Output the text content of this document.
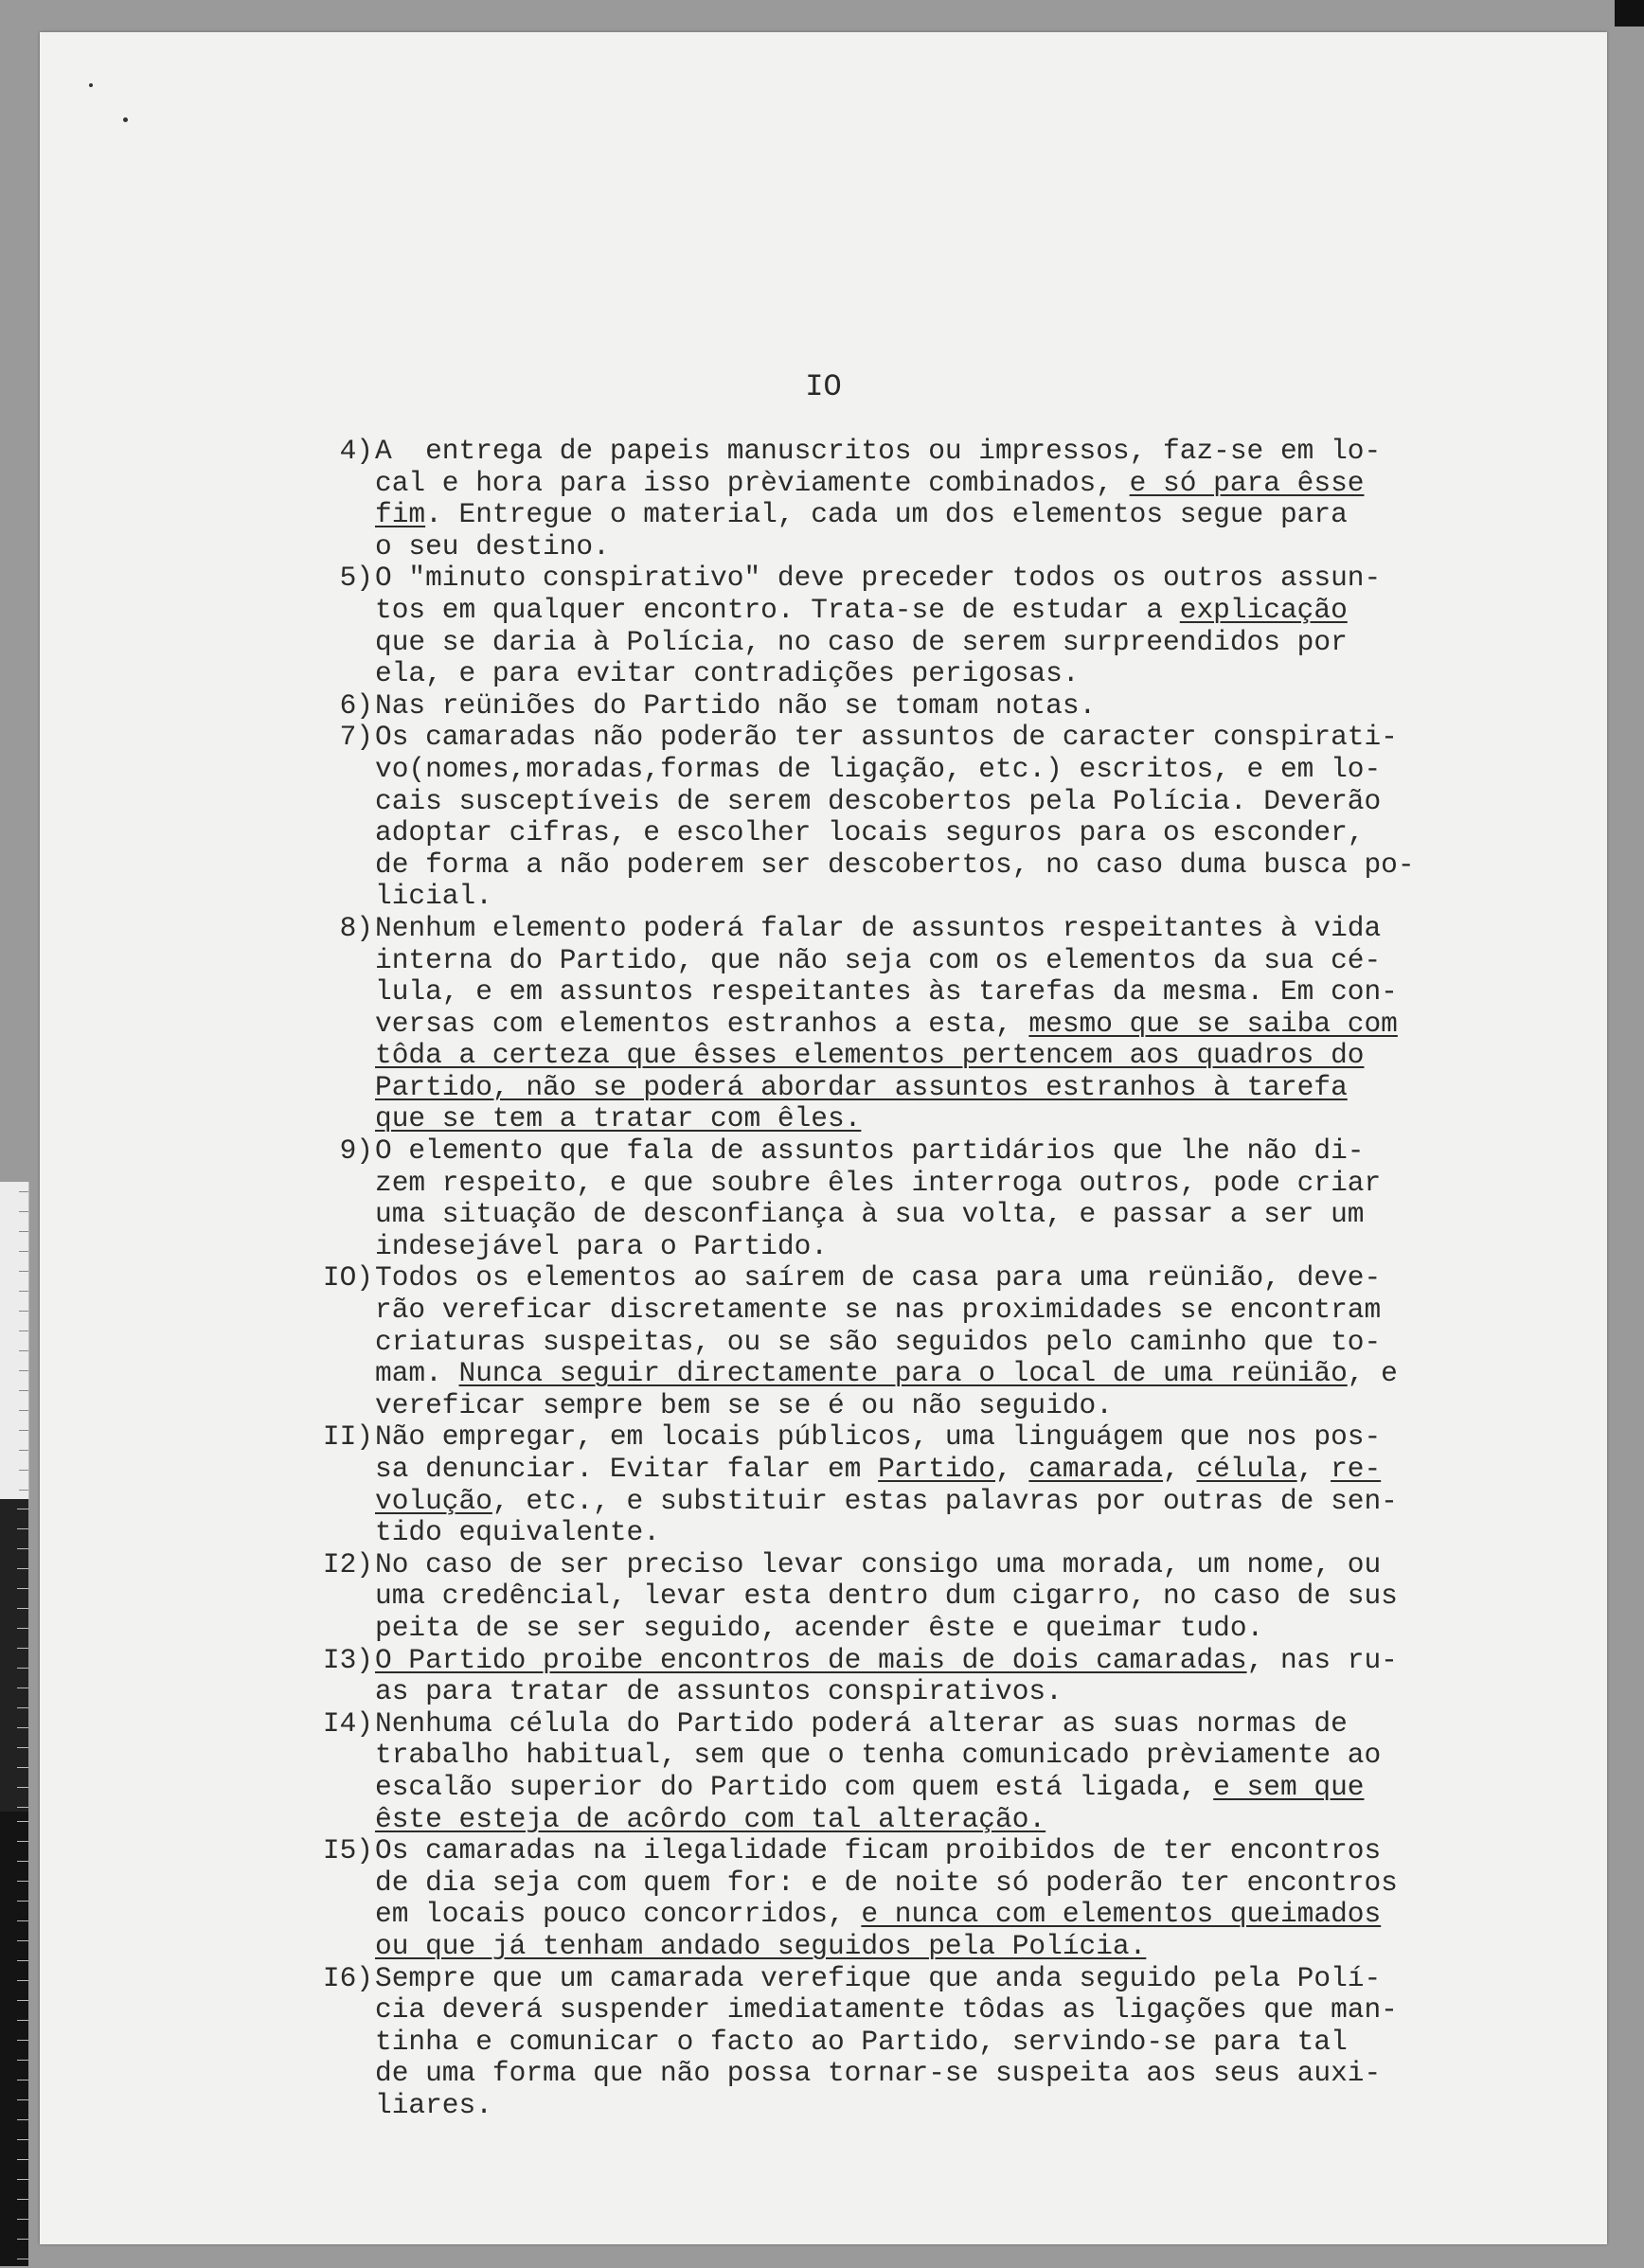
IO
4 ) A  entrega de papeis manuscritos ou impressos, faz-se em lo-
cal e hora para isso prèviamente combinados, e só para êsse
fim. Entregue o material, cada um dos elementos segue para
o seu destino.
5 ) O "minuto conspirativo" deve preceder todos os outros assun-
tos em qualquer encontro. Trata-se de estudar a explicação
que se daria à Polícia, no caso de serem surpreendidos por
ela, e para evitar contradições perigosas.
6 ) Nas reüniões do Partido não se tomam notas.
7 ) Os camaradas não poderão ter assuntos de caracter conspirati-
vo(nomes,moradas,formas de ligação, etc.) escritos, e em lo-
cais susceptíveis de serem descobertos pela Polícia. Deverão
adoptar cifras, e escolher locais seguros para os esconder,
de forma a não poderem ser descobertos, no caso duma busca po-
licial.
8 ) Nenhum elemento poderá falar de assuntos respeitantes à vida
interna do Partido, que não seja com os elementos da sua cé-
lula, e em assuntos respeitantes às tarefas da mesma. Em con-
versas com elementos estranhos a esta, mesmo que se saiba com
tôda a certeza que êsses elementos pertencem aos quadros do
Partido, não se poderá abordar assuntos estranhos à tarefa
que se tem a tratar com êles.
9 ) O elemento que fala de assuntos partidários que lhe não di-
zem respeito, e que soubre êles interroga outros, pode criar
uma situação de desconfiança à sua volta, e passar a ser um
indesejável para o Partido.
IO ) Todos os elementos ao saírem de casa para uma reünião, deve-
rão vereficar discretamente se nas proximidades se encontram
criaturas suspeitas, ou se são seguidos pelo caminho que to-
mam. Nunca seguir directamente para o local de uma reünião, e
vereficar sempre bem se se é ou não seguido.
II ) Não empregar, em locais públicos, uma linguágem que nos pos-
sa denunciar. Evitar falar em Partido, camarada, célula, re-
volução, etc., e substituir estas palavras por outras de sen-
tido equivalente.
I2 ) No caso de ser preciso levar consigo uma morada, um nome, ou
uma credêncial, levar esta dentro dum cigarro, no caso de sus
peita de se ser seguido, acender êste e queimar tudo.
I3 ) O Partido proibe encontros de mais de dois camaradas, nas ru-
as para tratar de assuntos conspirativos.
I4 ) Nenhuma célula do Partido poderá alterar as suas normas de
trabalho habitual, sem que o tenha comunicado prèviamente ao
escalão superior do Partido com quem está ligada, e sem que
êste esteja de acôrdo com tal alteração.
I5 ) Os camaradas na ilegalidade ficam proibidos de ter encontros
de dia seja com quem for: e de noite só poderão ter encontros
em locais pouco concorridos, e nunca com elementos queimados
ou que já tenham andado seguidos pela Polícia.
I6 ) Sempre que um camarada verefique que anda seguido pela Polí-
cia deverá suspender imediatamente tôdas as ligações que man-
tinha e comunicar o facto ao Partido, servindo-se para tal
de uma forma que não possa tornar-se suspeita aos seus auxi-
liares.
